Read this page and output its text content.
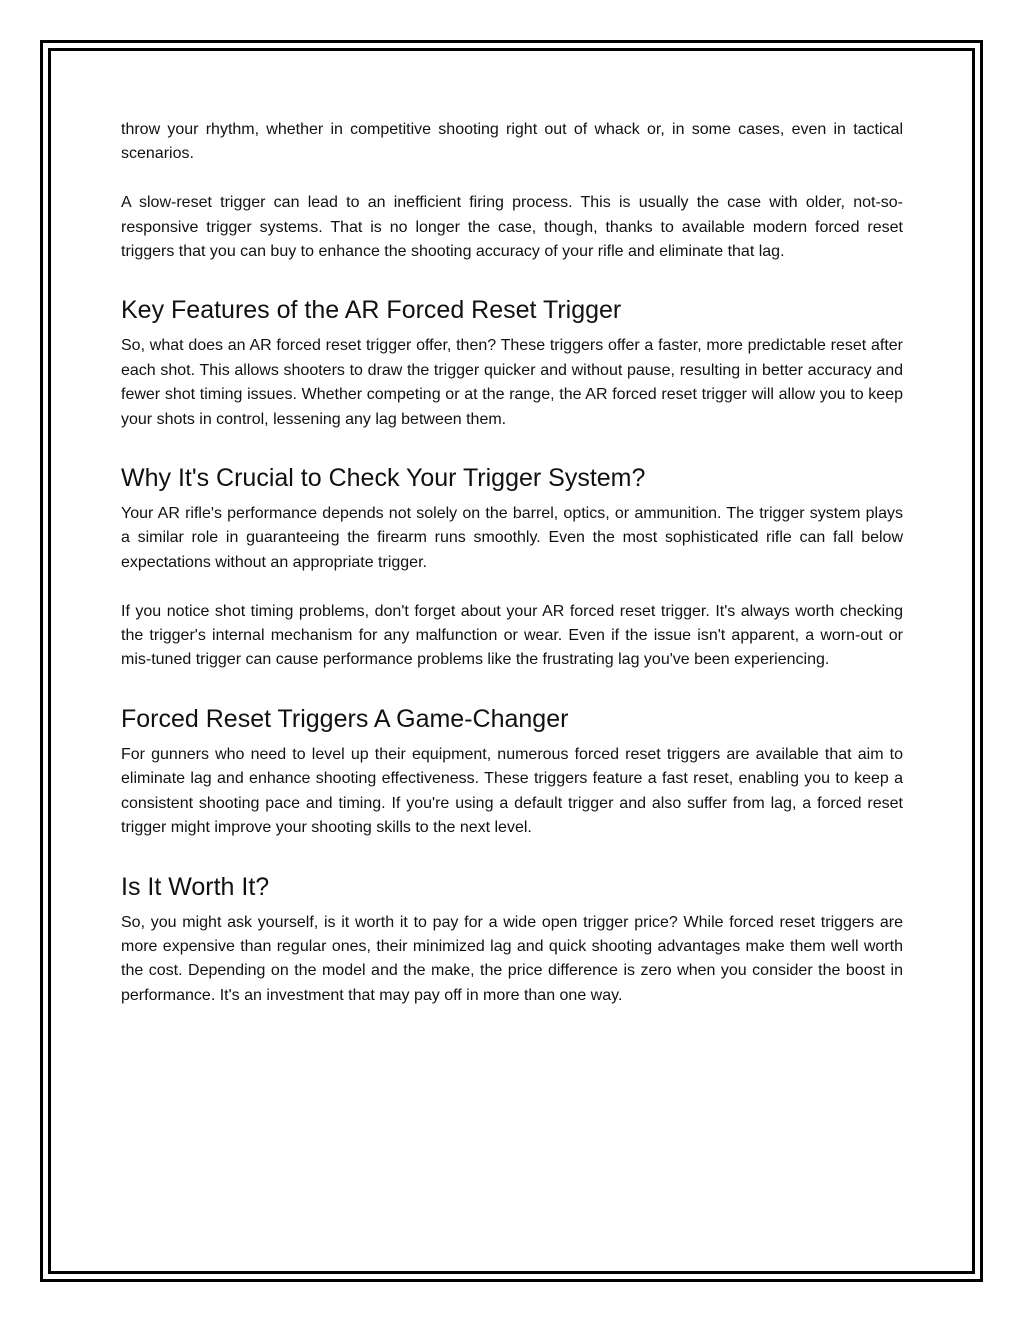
throw your rhythm, whether in competitive shooting right out of whack or, in some cases, even in tactical scenarios.

A slow-reset trigger can lead to an inefficient firing process. This is usually the case with older, not-so-responsive trigger systems. That is no longer the case, though, thanks to available modern forced reset triggers that you can buy to enhance the shooting accuracy of your rifle and eliminate that lag.

Key Features of the AR Forced Reset Trigger

So, what does an AR forced reset trigger offer, then? These triggers offer a faster, more predictable reset after each shot. This allows shooters to draw the trigger quicker and without pause, resulting in better accuracy and fewer shot timing issues. Whether competing or at the range, the AR forced reset trigger will allow you to keep your shots in control, lessening any lag between them.

Why It's Crucial to Check Your Trigger System?

Your AR rifle's performance depends not solely on the barrel, optics, or ammunition. The trigger system plays a similar role in guaranteeing the firearm runs smoothly. Even the most sophisticated rifle can fall below expectations without an appropriate trigger.

If you notice shot timing problems, don't forget about your AR forced reset trigger. It's always worth checking the trigger's internal mechanism for any malfunction or wear. Even if the issue isn't apparent, a worn-out or mis-tuned trigger can cause performance problems like the frustrating lag you've been experiencing.

Forced Reset Triggers A Game-Changer

For gunners who need to level up their equipment, numerous forced reset triggers are available that aim to eliminate lag and enhance shooting effectiveness. These triggers feature a fast reset, enabling you to keep a consistent shooting pace and timing. If you're using a default trigger and also suffer from lag, a forced reset trigger might improve your shooting skills to the next level.

Is It Worth It?

So, you might ask yourself, is it worth it to pay for a wide open trigger price? While forced reset triggers are more expensive than regular ones, their minimized lag and quick shooting advantages make them well worth the cost. Depending on the model and the make, the price difference is zero when you consider the boost in performance. It's an investment that may pay off in more than one way.
